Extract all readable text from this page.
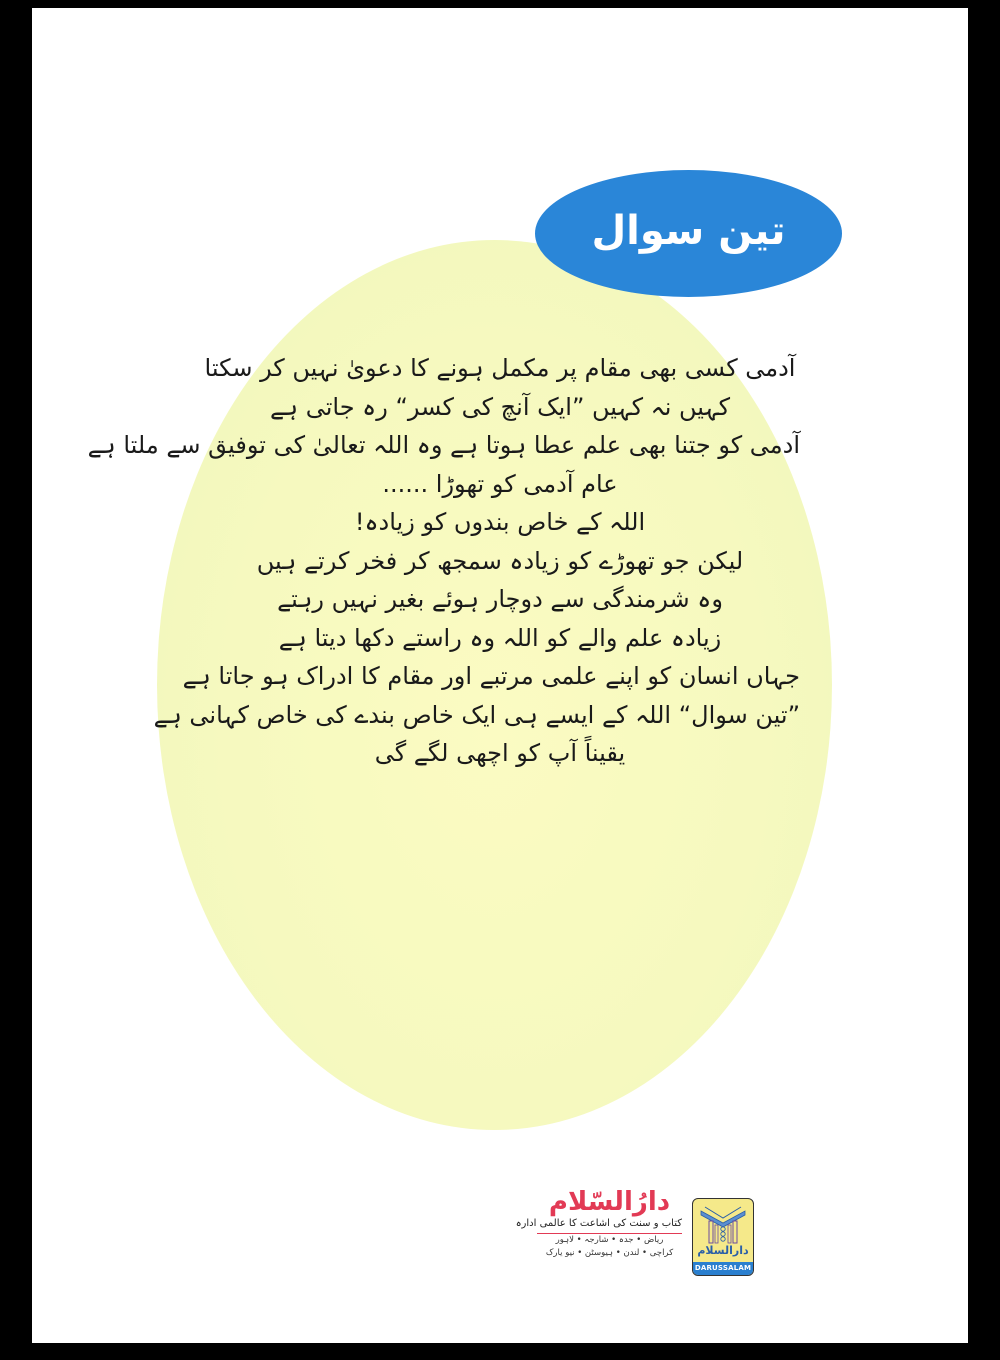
تین سوال
آدمی کسی بھی مقام پر مکمل ہونے کا دعویٰ نہیں کر سکتا
کہیں نہ کہیں ”ایک آنچ کی کسر“ رہ جاتی ہے
آدمی کو جتنا بھی علم عطا ہوتا ہے وہ اللہ تعالیٰ کی توفیق سے ملتا ہے
عام آدمی کو تھوڑا ......
اللہ کے خاص بندوں کو زیادہ!
لیکن جو تھوڑے کو زیادہ سمجھ کر فخر کرتے ہیں
وہ شرمندگی سے دوچار ہوئے بغیر نہیں رہتے
زیادہ علم والے کو اللہ وہ راستے دکھا دیتا ہے
جہاں انسان کو اپنے علمی مرتبے اور مقام کا ادراک ہو جاتا ہے
”تین سوال“ اللہ کے ایسے ہی ایک خاص بندے کی خاص کہانی ہے
یقیناً آپ کو اچھی لگے گی
دارُالسّلام
کتاب و سنت کی اشاعت کا عالمی ادارہ
ریاض • جدہ • شارجہ • لاہور
کراچی • لندن • ہیوسٹن • نیو یارک	دارالسلام
DARUSSALAM
